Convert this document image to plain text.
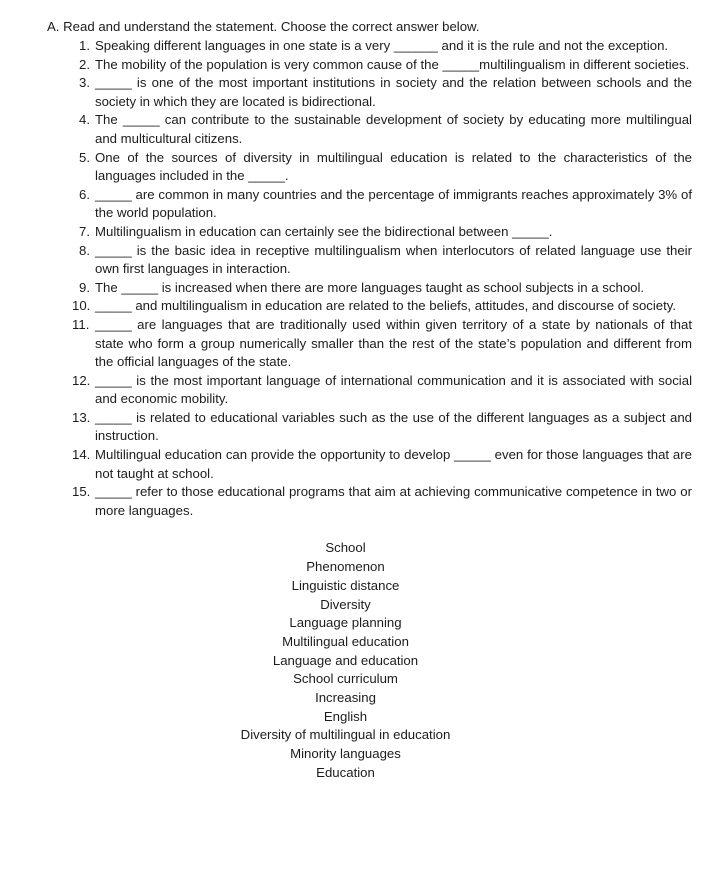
A. Read and understand the statement. Choose the correct answer below.

1. Speaking different languages in one state is a very ______ and it is the rule and not the exception.
2. The mobility of the population is very common cause of the _____multilingualism in different societies.
3. _____ is one of the most important institutions in society and the relation between schools and the society in which they are located is bidirectional.
4. The _____ can contribute to the sustainable development of society by educating more multilingual and multicultural citizens.
5. One of the sources of diversity in multilingual education is related to the characteristics of the languages included in the _____.
6. _____ are common in many countries and the percentage of immigrants reaches approximately 3% of the world population.
7. Multilingualism in education can certainly see the bidirectional between _____.
8. _____ is the basic idea in receptive multilingualism when interlocutors of related language use their own first languages in interaction.
9. The _____ is increased when there are more languages taught as school subjects in a school.
10. _____ and multilingualism in education are related to the beliefs, attitudes, and discourse of society.
11. _____ are languages that are traditionally used within given territory of a state by nationals of that state who form a group numerically smaller than the rest of the state’s population and different from the official languages of the state.
12. _____ is the most important language of international communication and it is associated with social and economic mobility.
13. _____ is related to educational variables such as the use of the different languages as a subject and instruction.
14. Multilingual education can provide the opportunity to develop _____ even for those languages that are not taught at school.
15. _____ refer to those educational programs that aim at achieving communicative competence in two or more languages.
School
Phenomenon
Linguistic distance
Diversity
Language planning
Multilingual education
Language and education
School curriculum
Increasing
English
Diversity of multilingual in education
Minority languages
Education
